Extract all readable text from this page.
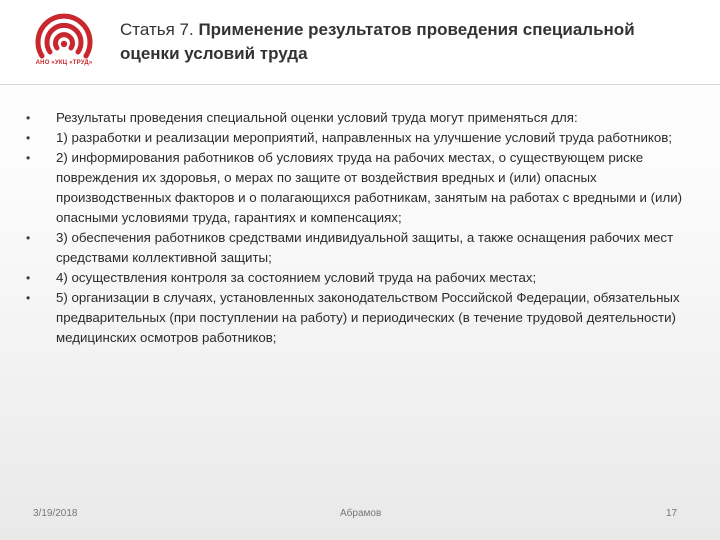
АНО «УКЦ «ТРУД»
Статья 7. Применение результатов проведения специальной оценки условий труда
• Результаты проведения специальной оценки условий труда могут применяться для:
• 1) разработки и реализации мероприятий, направленных на улучшение условий труда работников;
• 2) информирования работников об условиях труда на рабочих местах, о существующем риске повреждения их здоровья, о мерах по защите от воздействия вредных и (или) опасных производственных факторов и о полагающихся работникам, занятым на работах с вредными и (или) опасными условиями труда, гарантиях и компенсациях;
• 3) обеспечения работников средствами индивидуальной защиты, а также оснащения рабочих мест средствами коллективной защиты;
• 4) осуществления контроля за состоянием условий труда на рабочих местах;
• 5) организации в случаях, установленных законодательством Российской Федерации, обязательных предварительных (при поступлении на работу) и периодических (в течение трудовой деятельности) медицинских осмотров работников;
3/19/2018	Абрамов	17
